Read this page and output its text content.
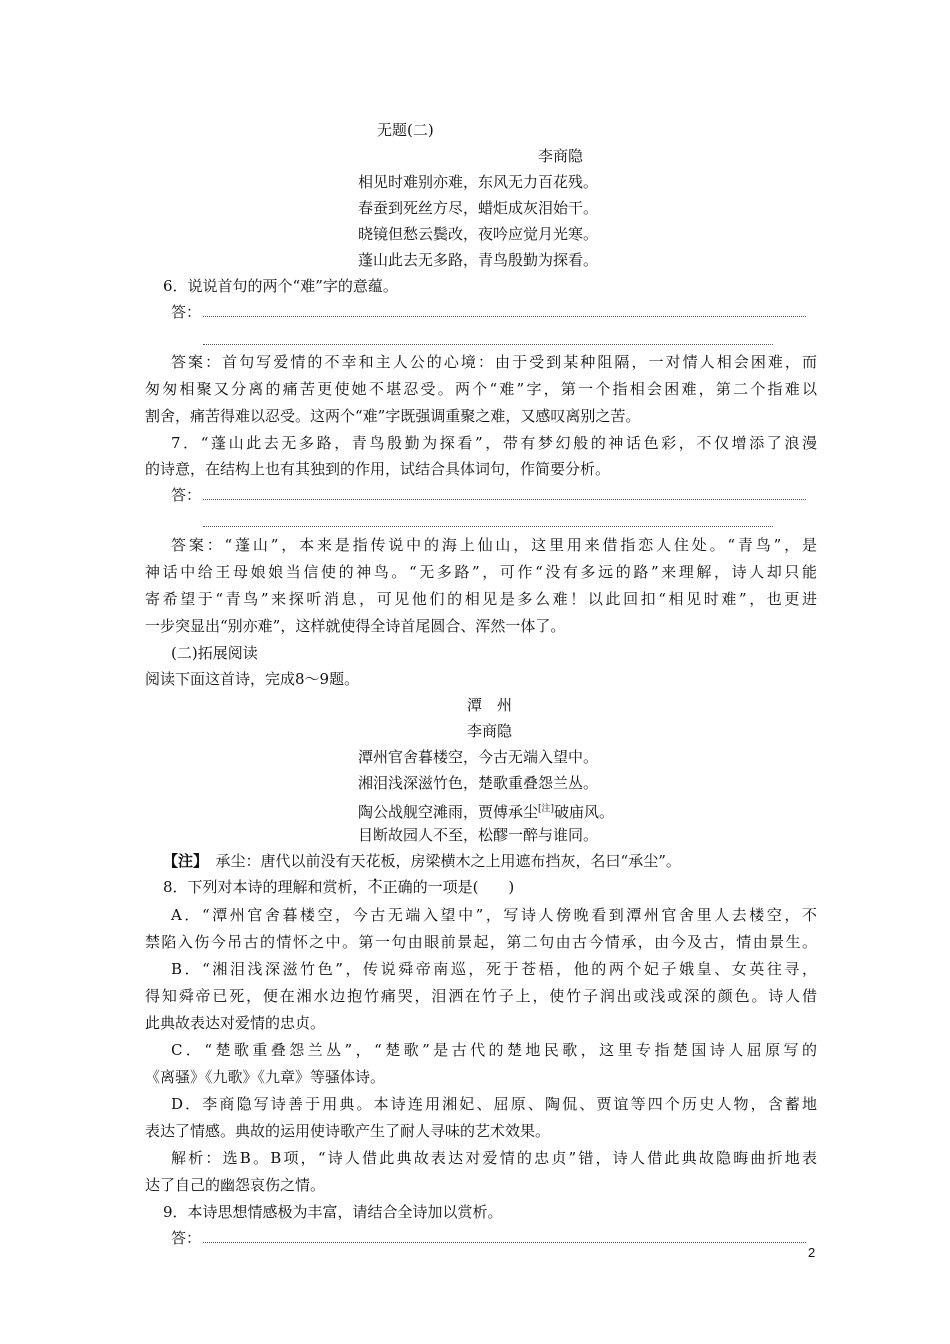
无题(二)
李商隐
相见时难别亦难，东风无力百花残。
春蚕到死丝方尽，蜡炬成灰泪始干。
晓镜但愁云鬓改，夜吟应觉月光寒。
蓬山此去无多路，青鸟殷勤为探看。
6．说说首句的两个“难”字的意蕴。
答：
答案：首句写爱情的不幸和主人公的心境：由于受到某种阻隔，一对情人相会困难，而
匆匆相聚又分离的痛苦更使她不堪忍受。两个“难”字，第一个指相会困难，第二个指难以
割舍，痛苦得难以忍受。这两个“难”字既强调重聚之难，又感叹离别之苦。
7．“蓬山此去无多路，青鸟殷勤为探看”，带有梦幻般的神话色彩，不仅增添了浪漫
的诗意，在结构上也有其独到的作用，试结合具体词句，作简要分析。
答：
答案：“蓬山”，本来是指传说中的海上仙山，这里用来借指恋人住处。“青鸟”，是
神话中给王母娘娘当信使的神鸟。“无多路”，可作“没有多远的路”来理解，诗人却只能
寄希望于“青鸟”来探听消息，可见他们的相见是多么难！以此回扣“相见时难”，也更进
一步突显出“别亦难”，这样就使得全诗首尾圆合、浑然一体了。
(二)拓展阅读
阅读下面这首诗，完成8～9题。
潭　州
李商隐
潭州官舍暮楼空，今古无端入望中。
湘泪浅深滋竹色，楚歌重叠怨兰丛。
陶公战舰空滩雨，贾傅承尘[注]破庙风。
目断故园人不至，松醪一醉与谁同。
【注】　 承尘：唐代以前没有天花板，房梁横木之上用遮布挡灰，名曰“承尘”。
8．下列对本诗的理解和赏析，不正确的一项是(　　)
A．“潭州官舍暮楼空，今古无端入望中”，写诗人傍晚看到潭州官舍里人去楼空，不
禁陷入伤今吊古的情怀之中。第一句由眼前景起，第二句由古今情承，由今及古，情由景生。
B．“湘泪浅深滋竹色”，传说舜帝南巡，死于苍梧，他的两个妃子娥皇、女英往寻，
得知舜帝已死，便在湘水边抱竹痛哭，泪洒在竹子上，使竹子润出或浅或深的颜色。诗人借
此典故表达对爱情的忠贞。
C．“楚歌重叠怨兰丛”，“楚歌”是古代的楚地民歌，这里专指楚国诗人屈原写的
《离骚》《九歌》《九章》等骚体诗。
D．李商隐写诗善于用典。本诗连用湘妃、屈原、陶侃、贾谊等四个历史人物，含蓄地
表达了情感。典故的运用使诗歌产生了耐人寻味的艺术效果。
解析：选B。B项，“诗人借此典故表达对爱情的忠贞”错，诗人借此典故隐晦曲折地表
达了自己的幽怨哀伤之情。
9．本诗思想情感极为丰富，请结合全诗加以赏析。
答：
2
